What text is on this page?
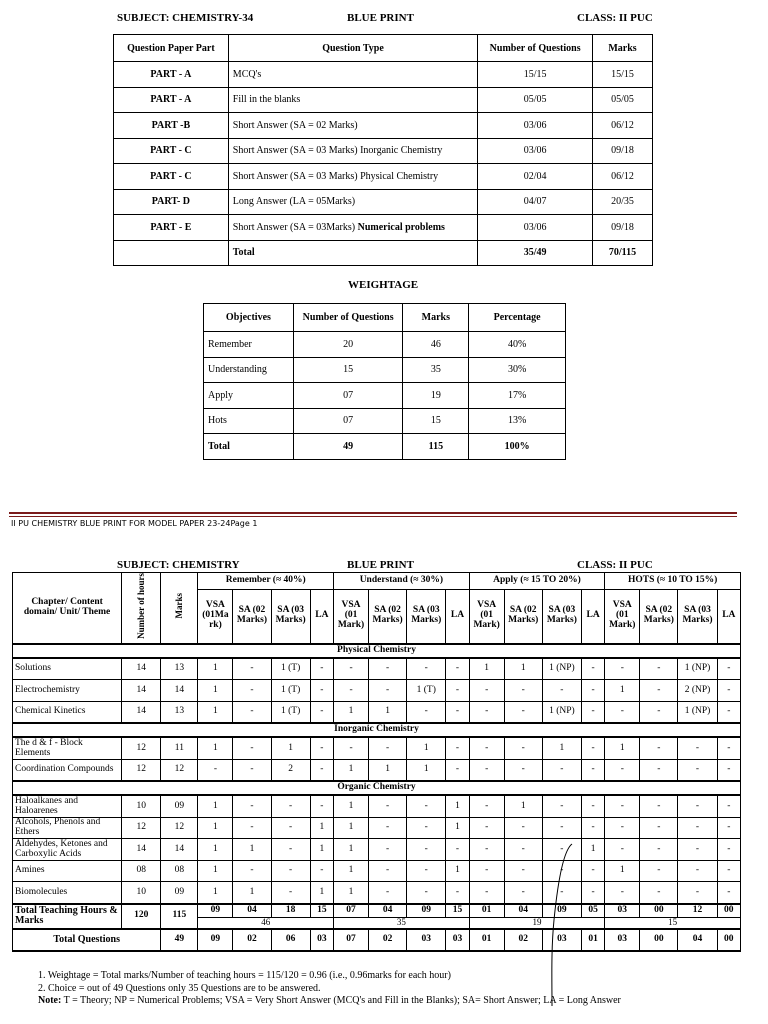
SUBJECT: CHEMISTRY-34	BLUE PRINT	CLASS: II PUC
Question Paper Part	Question Type	Number of Questions	Marks
PART - A	MCQ's	15/15	15/15
PART - A	Fill in the blanks	05/05	05/05
PART -B	Short Answer (SA = 02 Marks)	03/06	06/12
PART - C	Short Answer (SA = 03 Marks) Inorganic Chemistry	03/06	09/18
PART - C	Short Answer (SA = 03 Marks) Physical Chemistry	02/04	06/12
PART- D	Long Answer (LA = 05Marks)	04/07	20/35
PART - E	Short Answer (SA = 03Marks) Numerical problems	03/06	09/18
	Total	35/49	70/115
WEIGHTAGE
Objectives	Number of Questions	Marks	Percentage
Remember	20	46	40%
Understanding	15	35	30%
Apply	07	19	17%
Hots	07	15	13%
Total	49	115	100%
II PU CHEMISTRY BLUE PRINT FOR MODEL PAPER 23-24Page 1
SUBJECT: CHEMISTRY	BLUE PRINT	CLASS: II PUC
Chapter/ Content domain/ Unit/ Theme	Number of hours	Marks	Remember (≈ 40%)				Understand (≈ 30%)				Apply (≈ 15 TO 20%)				HOTS (≈ 10 TO 15%)			
			VSA (01Ma rk)	SA (02 Marks)	SA (03 Marks)	LA	VSA (01 Mark)	SA (02 Marks)	SA (03 Marks)	LA	VSA (01 Mark)	SA (02 Marks)	SA (03 Marks)	LA	VSA (01 Mark)	SA (02 Marks)	SA (03 Marks)	LA
Physical Chemistry																		
Solutions	14	13	1	-	1 (T)	-	-	-	-	-	1	1	1 (NP)	-	-	-	1 (NP)	-
Electrochemistry	14	14	1	-	1 (T)	-	-	-	1 (T)	-	-	-	-	-	1	-	2 (NP)	-
Chemical Kinetics	14	13	1	-	1 (T)	-	1	1	-	-	-	-	1 (NP)	-	-	-	1 (NP)	-
Inorganic Chemistry																		
The d & f - Block Elements	12	11	1	-	1	-	-	-	1	-	-	-	1	-	1	-	-	-
Coordination Compounds	12	12	-	-	2	-	1	1	1	-	-	-	-	-	-	-	-	-
Organic Chemistry																		
Haloalkanes and Haloarenes	10	09	1	-	-	-	1	-	-	1	-	1	-	-	-	-	-	-
Alcohols, Phenols and Ethers	12	12	1	-	-	1	1	-	-	1	-	-	-	-	-	-	-	-
Aldehydes, Ketones and Carboxylic Acids	14	14	1	1	-	1	1	-	-	-	-	-	-	1	-	-	-	-
Amines	08	08	1	-	-	-	1	-	-	1	-	-	-	-	1	-	-	-
Biomolecules	10	09	1	1	-	1	1	-	-	-	-	-	-	-	-	-	-	-
Total Teaching Hours & Marks	120	115	09	04	18	15	07	04	09	15	01	04	09	05	03	00	12	00
			46				35				19				15			
Total Questions		49	09	02	06	03	07	02	03	03	01	02	03	01	03	00	04	00
1. Weightage = Total marks/Number of teaching hours = 115/120 = 0.96 (i.e., 0.96marks for each hour)
2. Choice = out of 49 Questions only 35 Questions are to be answered.
Note: T = Theory; NP = Numerical Problems; VSA = Very Short Answer (MCQ's and Fill in the Blanks); SA= Short Answer; LA = Long Answer
